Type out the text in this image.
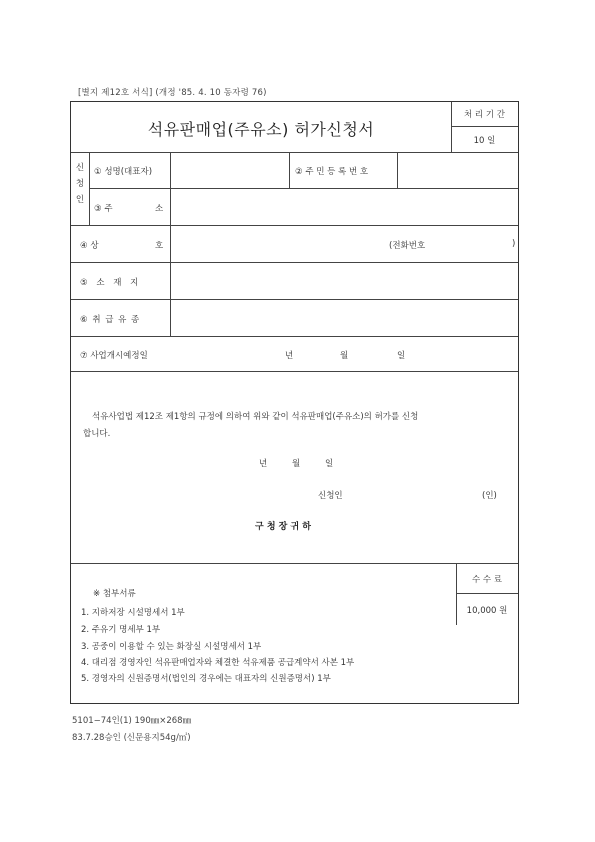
[별지 제12호 서식] (개정 '85. 4. 10 동자령 76)
석유판매업(주유소) 허가신청서
처 리 기 간
10 일
신
청
인
① 성명(대표자)	② 주 민 등 록 번 호
③ 주	소
④ 상	호	(전화번호	)
⑤ 소 재 지
⑥ 취 급 유 종
⑦ 사업개시예정일	년	월	일
석유사업법 제12조 제1항의 규정에 의하여 위와 같이 석유판매업(주유소)의 허가를 신청
합니다.
년	월	일
신청인	(인)
구 청 장 귀 하
※ 첨부서류
1. 지하저장 시설명세서 1부
2. 주유기 명세부 1부
3. 공중이 이용할 수 있는 화장실 시설명세서 1부
4. 대리점 경영자인 석유판매업자와 체결한 석유제품 공급계약서 사본 1부
5. 경영자의 신원증명서(법인의 경우에는 대표자의 신원증명서) 1부
수 수 료
10,000 원
5101−74인(1) 190㎜×268㎜
83.7.28승인 (신문용지54g/㎡)
